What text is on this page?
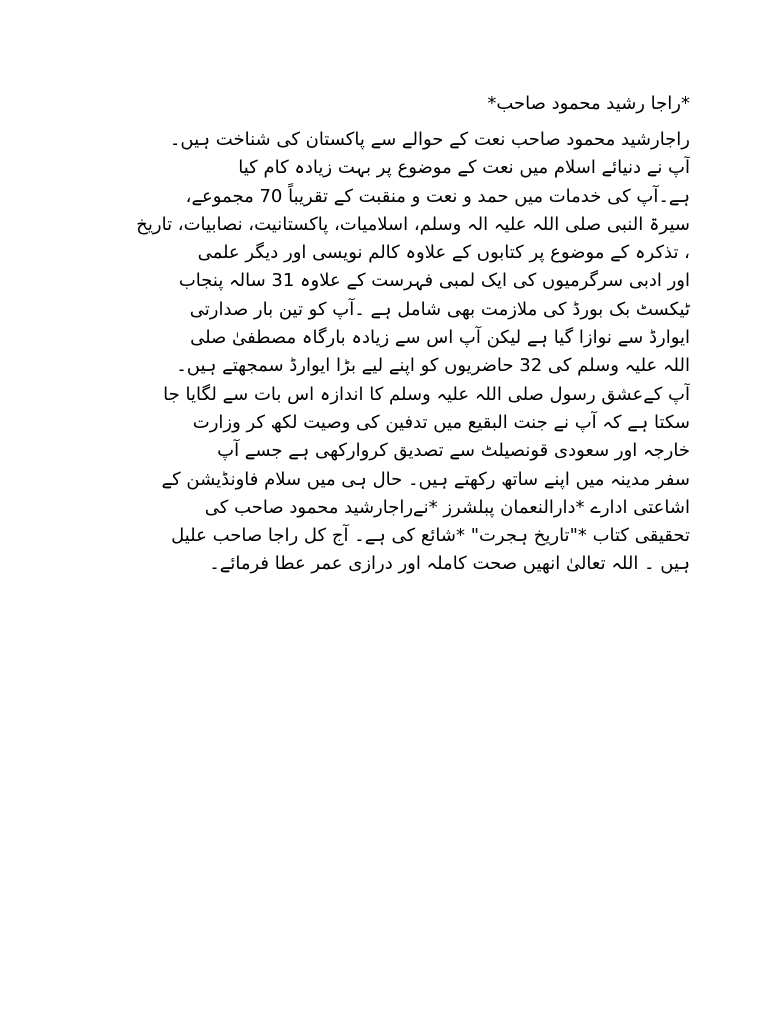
*راجا رشید محمود صاحب*
راجارشید محمود صاحب نعت کے حوالے سے پاکستان کی شناخت ہیں۔
آپ نے دنیائے اسلام میں نعت کے موضوع پر بہت زیادہ کام کیا
ہے۔آپ کی خدمات میں حمد و نعت و منقبت کے تقریباً 70 مجموعے،
سیرۃ النبی صلی اللہ علیہ الہ وسلم، اسلامیات، پاکستانیت، نصابیات، تاریخ
، تذکرہ کے موضوع پر کتابوں کے علاوہ کالم نویسی اور دیگر علمی
اور ادبی سرگرمیوں کی ایک لمبی فہرست کے علاوہ 31 سالہ پنجاب
ٹیکسٹ بک بورڈ کی ملازمت بھی شامل ہے ۔آپ کو تین بار صدارتی
ایوارڈ سے نوازا گیا ہے لیکن آپ اس سے زیادہ بارگاہ مصطفیٰ صلی
اللہ علیہ وسلم کی 32 حاضریوں کو اپنے لیے بڑا ایوارڈ سمجھتے ہیں۔
آپ کےعشق رسول صلی اللہ علیہ وسلم کا اندازہ اس بات سے لگایا جا
سکتا ہے کہ آپ نے جنت البقیع میں تدفین کی وصیت لکھ کر وزارت
خارجہ اور سعودی قونصیلٹ سے تصدیق کروارکھی ہے جسے آپ
سفر مدینہ میں اپنے ساتھ رکھتے ہیں۔ حال ہی میں سلام فاونڈیشن کے
اشاعتی ادارے *دارالنعمان پبلشرز *نےراجارشید محمود صاحب کی
تحقیقی کتاب *"تاریخ ہجرت" *شائع کی ہے۔ آج کل راجا صاحب علیل
ہیں ۔ اللہ تعالیٰ انھیں صحت کاملہ اور درازی عمر عطا فرمائے۔
